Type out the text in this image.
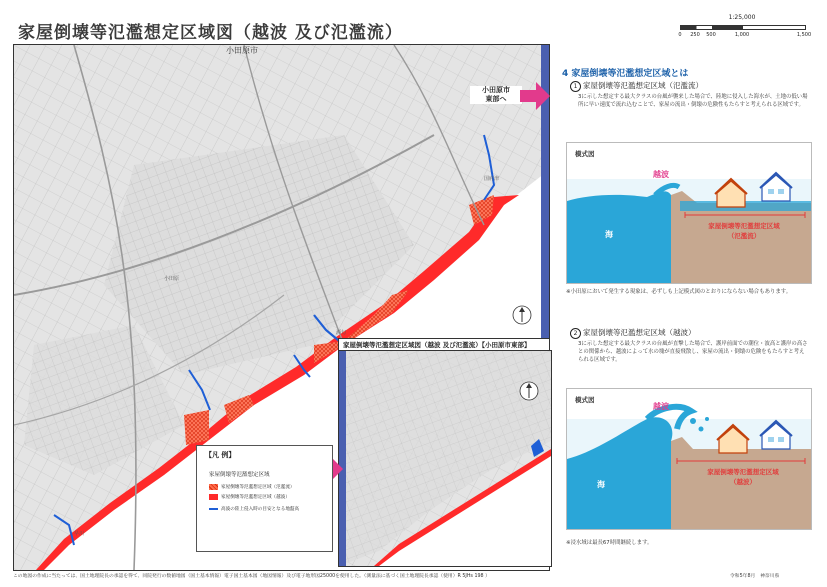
家屋倒壊等氾濫想定区域図（越波 及び氾濫流）
1:25,000
0 250 500	1,000	1,500
小田原市
早川
小田原
酒匂
国府津
小田原市
東部へ
家屋倒壊等氾濫想定区域図（越波 及び氾濫流）【小田原市東部】
【凡 例】
家屋倒壊等氾濫想定区域
家屋倒壊等氾濫想定区域（氾濫流）
家屋倒壊等氾濫想定区域（越波）
高波の陸上侵入時の目安となる地盤高
4 家屋倒壊等氾濫想定区域とは
1 家屋倒壊等氾濫想定区域（氾濫流）
3に示した想定する最大クラスの台風が襲来した場合で、陸地に侵入した海水が、土地の低い場所に早い速度で流れ込むことで、家屋の流出・倒壊の危険性もたらすと考えられる区域です。
模式図
越波
海
家屋倒壊等氾濫想定区域
（氾濫流）
※小田原において発生する現象は、必ずしも上記模式図のとおりにならない場合もあります。
2 家屋倒壊等氾濫想定区域（越波）
3に示した想定する最大クラスの台風が直撃した場合で、護岸前面での潮位・波高と護岸の高さとの関係から、越波によって水の塊が直接飛散し、家屋の流出・倒壊の危険をもたらすと考えられる区域です。
模式図
越波
海
家屋倒壊等氾濫想定区域
（越波）
※浸水域は最長67時間継続します。
この地図の作成に当たっては、国土地理院長の承認を得て、同院発行の数値地図（国土基本情報）電子国土基本図（地図情報）及び電子地形図25000を使用した。（測量法に基づく国土地理院長承認（使用）R 5JHs 198 ）	令和5年8月　神奈川県
